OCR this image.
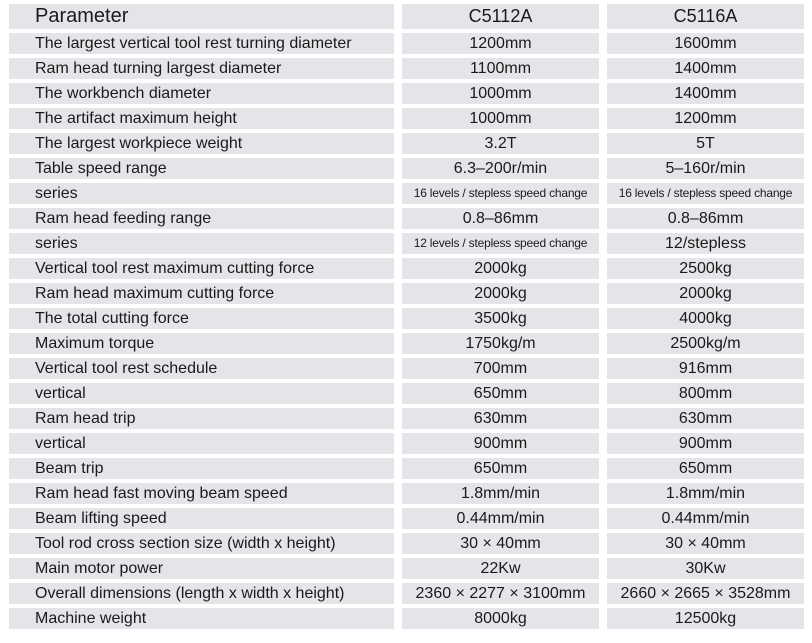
Parameter	C5112A	C5116A
The largest vertical tool rest turning diameter	1200mm	1600mm
Ram head turning largest diameter	1100mm	1400mm
The workbench diameter	1000mm	1400mm
The artifact maximum height	1000mm	1200mm
The largest workpiece weight	3.2T	5T
Table speed range	6.3–200r/min	5–160r/min
series	16 levels / stepless speed change	16 levels / stepless speed change
Ram head feeding range	0.8–86mm	0.8–86mm
series	12 levels / stepless speed change	12/stepless
Vertical tool rest maximum cutting force	2000kg	2500kg
Ram head maximum cutting force	2000kg	2000kg
The total cutting force	3500kg	4000kg
Maximum torque	1750kg/m	2500kg/m
Vertical tool rest schedule	700mm	916mm
vertical	650mm	800mm
Ram head trip	630mm	630mm
vertical	900mm	900mm
Beam trip	650mm	650mm
Ram head fast moving beam speed	1.8mm/min	1.8mm/min
Beam lifting speed	0.44mm/min	0.44mm/min
Tool rod cross section size (width x height)	30 × 40mm	30 × 40mm
Main motor power	22Kw	30Kw
Overall dimensions (length x width x height)	2360 × 2277 × 3100mm	2660 × 2665 × 3528mm
Machine weight	8000kg	12500kg
